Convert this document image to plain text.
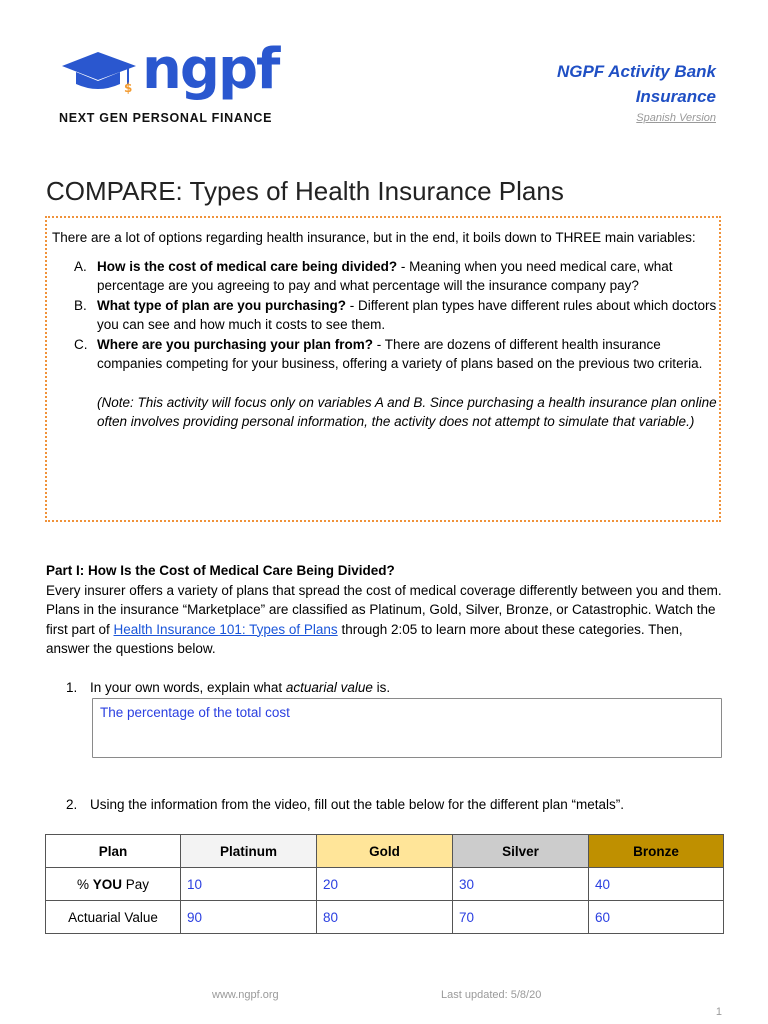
$ ngpf
NEXT GEN PERSONAL FINANCE
NGPF Activity Bank
Insurance
Spanish Version
COMPARE: Types of Health Insurance Plans

There are a lot of options regarding health insurance, but in the end, it boils down to THREE main variables:

A. How is the cost of medical care being divided? - Meaning when you need medical care, what percentage are you agreeing to pay and what percentage will the insurance company pay?
B. What type of plan are you purchasing? - Different plan types have different rules about which doctors you can see and how much it costs to see them.
C. Where are you purchasing your plan from? - There are dozens of different health insurance companies competing for your business, offering a variety of plans based on the previous two criteria.

(Note: This activity will focus only on variables A and B. Since purchasing a health insurance plan online often involves providing personal information, the activity does not attempt to simulate that variable.)

Part I: How Is the Cost of Medical Care Being Divided?

Every insurer offers a variety of plans that spread the cost of medical coverage differently between you and them. Plans in the insurance “Marketplace” are classified as Platinum, Gold, Silver, Bronze, or Catastrophic. Watch the first part of Health Insurance 101: Types of Plans through 2:05 to learn more about these categories. Then, answer the questions below.

1. In your own words, explain what actuarial value is.
The percentage of the total cost
2. Using the information from the video, fill out the table below for the different plan “metals”.
Plan	Platinum	Gold	Silver	Bronze
% YOU Pay	10	20	30	40
Actuarial Value	90	80	70	60
www.ngpf.org	Last updated: 5/8/20
1
